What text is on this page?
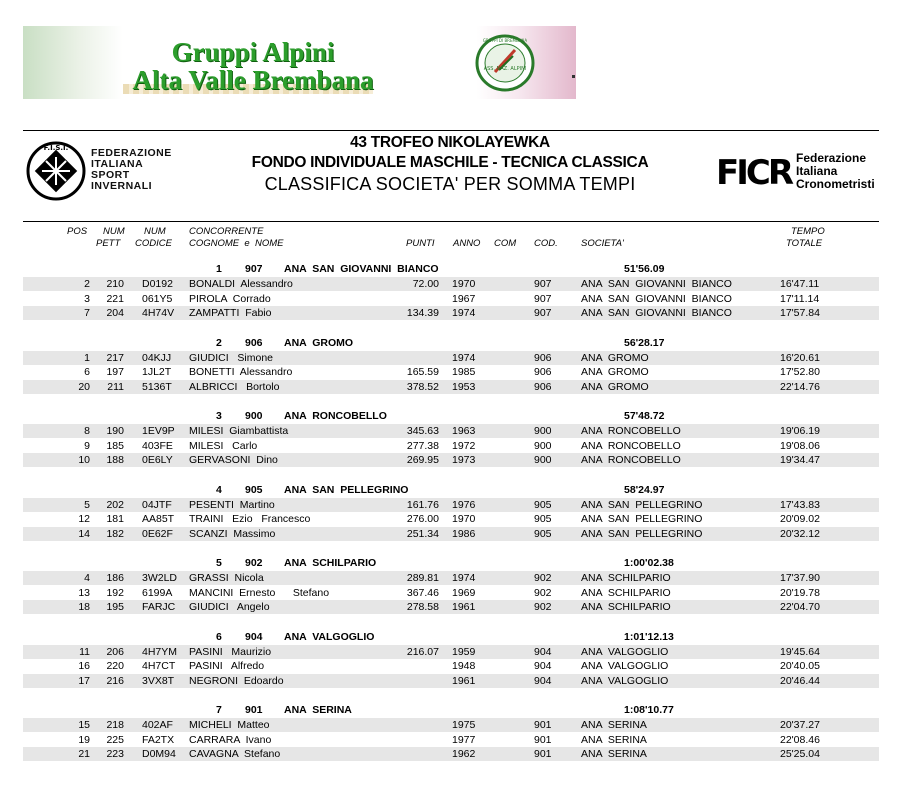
Gruppi Alpini
Alta Valle Brembana	ASS. NAZ. ALPINI
GRUPPI DI BREMBANA
F.I.S.I. FEDERAZIONE
ITALIANA
SPORT
INVERNALI	FICR Federazione
Italiana
Cronometristi
43 TROFEO NIKOLAYEWKA
FONDO INDIVIDUALE MASCHILE - TECNICA CLASSICA
CLASSIFICA SOCIETA' PER SOMMA TEMPI
POS NUM
PETT
NUM
CODICE
CONCORRENTE
COGNOME  e  NOME	PUNTI ANNO COM COD. SOCIETA'
TEMPO
TOTALE
1 907 ANA  SAN  GIOVANNI  BIANCO	51'56.09
2	210 D0192	BONALDI  Alessandro	72.00 1970	907	ANA  SAN  GIOVANNI  BIANCO	16'47.11
3	221 061Y5	PIROLA  Corrado	1967	907	ANA  SAN  GIOVANNI  BIANCO	17'11.14
7	204 4H74V	ZAMPATTI  Fabio	134.39 1974	907	ANA  SAN  GIOVANNI  BIANCO	17'57.84
2 906 ANA  GROMO	56'28.17
1	217 04KJJ	GIUDICI   Simone	1974	906	ANA  GROMO	16'20.61
6	197 1JL2T	BONETTI  Alessandro	165.59 1985	906	ANA  GROMO	17'52.80
20	211 5136T	ALBRICCI   Bortolo	378.52 1953	906	ANA  GROMO	22'14.76
3 900 ANA  RONCOBELLO	57'48.72
8	190 1EV9P	MILESI  Giambattista	345.63 1963	900	ANA  RONCOBELLO	19'06.19
9	185 403FE	MILESI   Carlo	277.38 1972	900	ANA  RONCOBELLO	19'08.06
10	188 0E6LY	GERVASONI  Dino	269.95 1973	900	ANA  RONCOBELLO	19'34.47
4 905 ANA  SAN  PELLEGRINO	58'24.97
5	202 04JTF	PESENTI  Martino	161.76 1976	905	ANA  SAN  PELLEGRINO	17'43.83
12	181 AA85T	TRAINI   Ezio   Francesco	276.00 1970	905	ANA  SAN  PELLEGRINO	20'09.02
14	182 0E62F	SCANZI  Massimo	251.34 1986	905	ANA  SAN  PELLEGRINO	20'32.12
5 902 ANA  SCHILPARIO	1:00'02.38
4	186 3W2LD	GRASSI  Nicola	289.81 1974	902	ANA  SCHILPARIO	17'37.90
13	192 6199A	MANCINI  Ernesto      Stefano	367.46 1969	902	ANA  SCHILPARIO	20'19.78
18	195 FARJC	GIUDICI   Angelo	278.58 1961	902	ANA  SCHILPARIO	22'04.70
6 904 ANA  VALGOGLIO	1:01'12.13
11	206 4H7YM	PASINI   Maurizio	216.07 1959	904	ANA  VALGOGLIO	19'45.64
16	220 4H7CT	PASINI   Alfredo	1948	904	ANA  VALGOGLIO	20'40.05
17	216 3VX8T	NEGRONI  Edoardo	1961	904	ANA  VALGOGLIO	20'46.44
7 901 ANA  SERINA	1:08'10.77
15	218 402AF	MICHELI  Matteo	1975	901	ANA  SERINA	20'37.27
19	225 FA2TX	CARRARA  Ivano	1977	901	ANA  SERINA	22'08.46
21	223 D0M94	CAVAGNA  Stefano	1962	901	ANA  SERINA	25'25.04
